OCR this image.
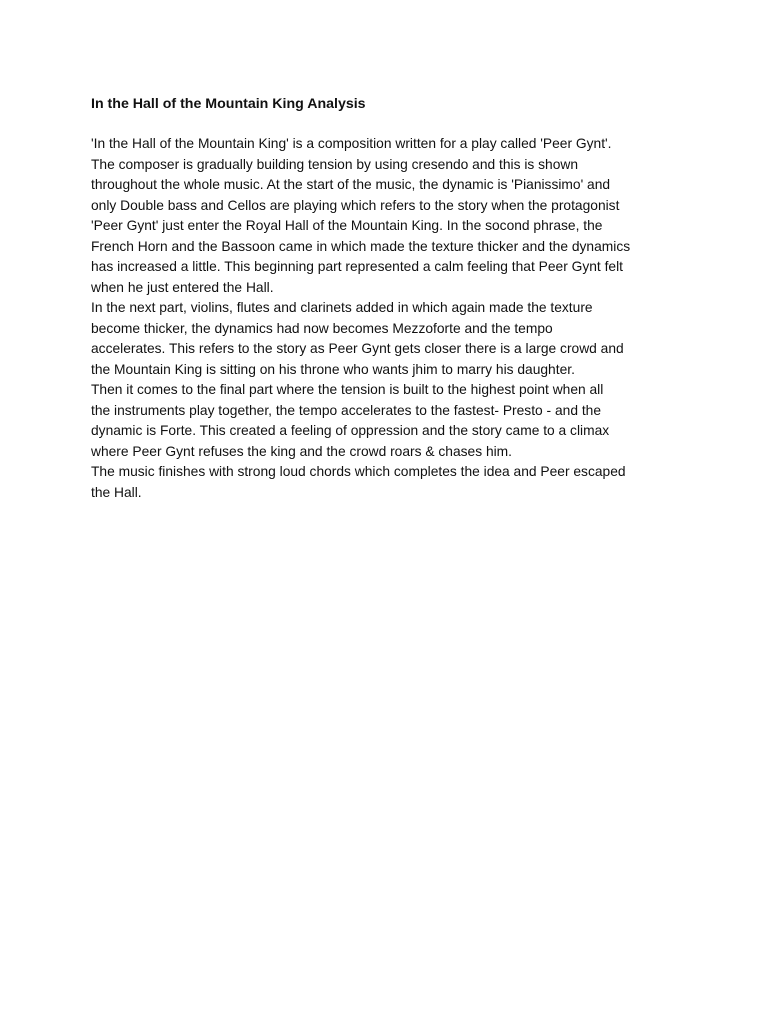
In the Hall of the Mountain King Analysis

'In the Hall of the Mountain King' is a composition written for a play called 'Peer Gynt'.
The composer is gradually building tension by using cresendo and this is shown
throughout the whole music. At the start of the music, the dynamic is 'Pianissimo' and
only Double bass and Cellos are playing which refers to the story when the protagonist
'Peer Gynt' just enter the Royal Hall of the Mountain King. In the socond phrase, the
French Horn and the Bassoon came in which made the texture thicker and the dynamics
has increased a little. This beginning part represented a calm feeling that Peer Gynt felt
when he just entered the Hall.

In the next part, violins, flutes and clarinets added in which again made the texture
become thicker, the dynamics had now becomes Mezzoforte and the tempo
accelerates. This refers to the story as Peer Gynt gets closer there is a large crowd and
the Mountain King is sitting on his throne who wants jhim to marry his daughter.

Then it comes to the final part where the tension is built to the highest point when all
the instruments play together, the tempo accelerates to the fastest- Presto - and the
dynamic is Forte. This created a feeling of oppression and the story came to a climax
where Peer Gynt refuses the king and the crowd roars & chases him.

The music finishes with strong loud chords which completes the idea and Peer escaped
the Hall.
